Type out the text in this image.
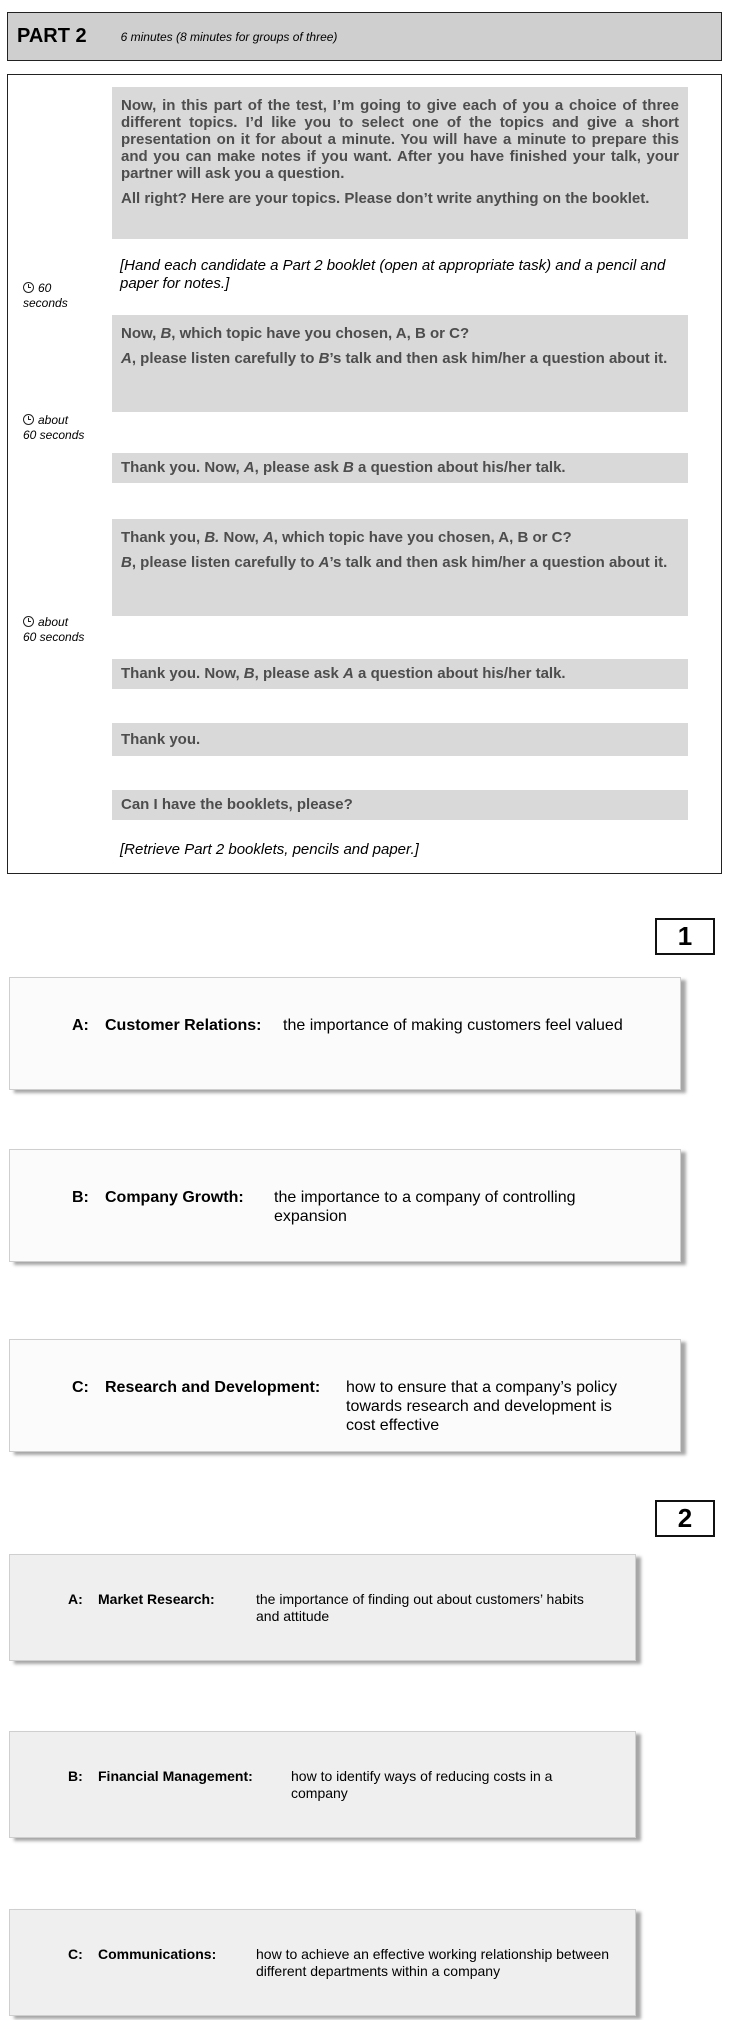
PART 2	6 minutes (8 minutes for groups of three)

Now, in this part of the test, I’m going to give each of you a choice of three different topics. I’d like you to select one of the topics and give a short presentation on it for about a minute. You will have a minute to prepare this and you can make notes if you want. After you have finished your talk, your partner will ask you a question.

All right? Here are your topics. Please don’t write anything on the booklet.

[Hand each candidate a Part 2 booklet (open at appropriate task) and a pencil and paper for notes.]
60
seconds

Now, B, which topic have you chosen, A, B or C?

A, please listen carefully to B’s talk and then ask him/her a question about it.

about
60 seconds

Thank you. Now, A, please ask B a question about his/her talk.

Thank you, B. Now, A, which topic have you chosen, A, B or C?

B, please listen carefully to A’s talk and then ask him/her a question about it.

about
60 seconds

Thank you. Now, B, please ask A a question about his/her talk.

Thank you.

Can I have the booklets, please?

[Retrieve Part 2 booklets, pencils and paper.]
1
A: Customer Relations: the importance of making customers feel valued
B: Company Growth: the importance to a company of controlling expansion
C: Research and Development: how to ensure that a company’s policy towards research and development is cost effective
2
A: Market Research:	the importance of finding out about customers’ habits and attitude
B: Financial Management:	how to identify ways of reducing costs in a company
C: Communications:	how to achieve an effective working relationship between different departments within a company
